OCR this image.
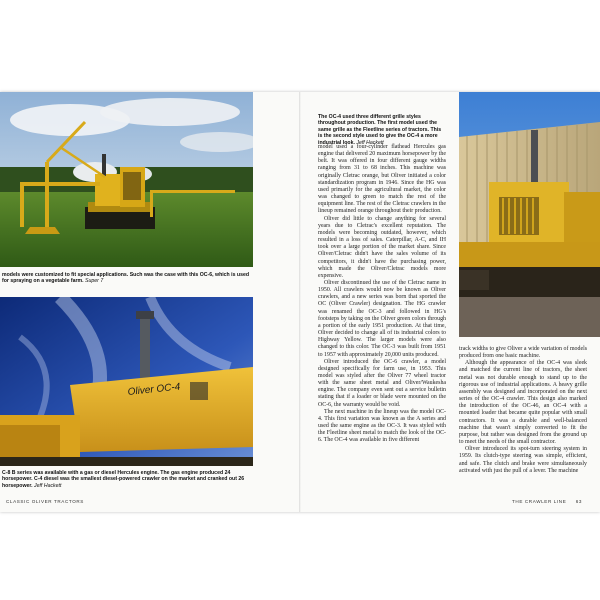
models were customized to fit special applications. Such was the case with this OC-6, which is used for spraying on a vegetable farm. Super 7
Oliver OC-4
C-8 B series was available with a gas or diesel Hercules engine. The gas engine produced 24 horsepower. C-4 diesel was the smallest diesel-powered crawler on the market and cranked out 26 horsepower. Jeff Hackett
CLASSIC OLIVER TRACTORS
The OC-4 used three different grille styles throughout production. The first model used the same grille as the Fleetline series of tractors. This is the second style used to give the OC-4 a more industrial look. Jeff Hackett

model used a four-cylinder flathead Hercules gas engine that delivered 20 maximum horsepower by the belt. It was offered in four different gauge widths ranging from 31 to 68 inches. This machine was originally Cletrac orange, but Oliver initiated a color standardization program in 1946. Since the HG was used primarily for the agricultural market, the color was changed to green to match the rest of the equipment line. The rest of the Cletrac crawlers in the lineup remained orange throughout their production.

Oliver did little to change anything for several years due to Cletrac's excellent reputation. The models were becoming outdated, however, which resulted in a loss of sales. Caterpillar, A-C, and IH took over a large portion of the market share. Since Oliver/Cletrac didn't have the sales volume of its competitors, it didn't have the purchasing power, which made the Oliver/Cletrac models more expensive.

Oliver discontinued the use of the Cletrac name in 1950. All crawlers would now be known as Oliver crawlers, and a new series was born that sported the OC (Oliver Crawler) designation. The HG crawler was renamed the OC-3 and followed in HG's footsteps by taking on the Oliver green colors through a portion of the early 1951 production. At that time, Oliver decided to change all of its industrial colors to Highway Yellow. The larger models were also changed to this color. The OC-3 was built from 1951 to 1957 with approximately 20,000 units produced.

Oliver introduced the OC-6 crawler, a model designed specifically for farm use, in 1953. This model was styled after the Oliver 77 wheel tractor with the same sheet metal and Oliver/Waukesha engine. The company even sent out a service bulletin stating that if a loader or blade were mounted on the OC-6, the warranty would be void.

The next machine in the lineup was the model OC-4. This first variation was known as the A series and used the same engine as the OC-3. It was styled with the Fleetline sheet metal to match the look of the OC-6. The OC-4 was available in five different

track widths to give Oliver a wide variation of models produced from one basic machine.

Although the appearance of the OC-4 was sleek and matched the current line of tractors, the sheet metal was not durable enough to stand up to the rigorous use of industrial applications. A heavy grille assembly was designed and incorporated on the next series of the OC-4 crawler. This design also marked the introduction of the OC-46, an OC-4 with a mounted loader that became quite popular with small contractors. It was a durable and well-balanced machine that wasn't simply converted to fit the purpose, but rather was designed from the ground up to meet the needs of the small contractor.

Oliver introduced its spot-turn steering system in 1959. Its clutch-type steering was simple, efficient, and safe. The clutch and brake were simultaneously activated with just the pull of a lever. The machine

THE CRAWLER LINE 63
